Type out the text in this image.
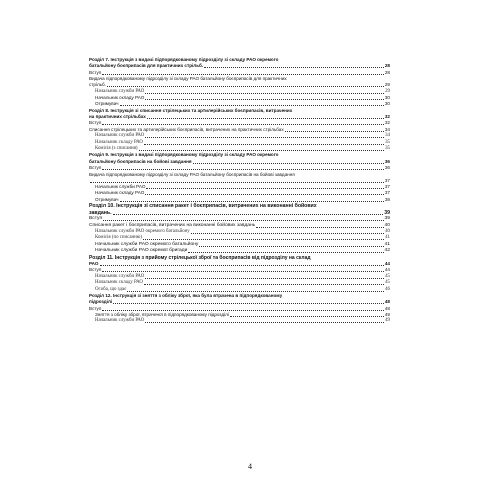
Розділ 7. Інструкція з видачі підпорядкованому підрозділу зі складу РАО окремого
батальйону боєприпасів для практичних стрільб.	28
Вступ	28
Видача підпорядкованому підрозділу зі складу РАО батальйону боєприпасів для практичних
стрільб.	29
Начальник служби РАО	29
Начальник складу РАО	30
Отримувач	30
Розділ 8. Інструкція зі списання стрілецьких та артилерійських боєприпасів, витрачених
на практичних стрільбах	32
Вступ	32
Списання стрілецьких та артилерійських боєприпасів, витрачених на практичних стрільбах	34
Начальник служби РАО	34
Начальник складу РАО	35
Комісія (з списання)	35
Розділ 9. Інструкція з видачі підпорядкованому підрозділу зі складу РАО окремого
батальйону боєприпасів на бойові завдання	36
Вступ	36
Видача підпорядкованому підрозділу зі складу РАО батальйону боєприпасів на бойові завдання
37
Начальник служби РАО	37
Начальник складу РАО	37
Отримувач	38
Розділ 10. Інструкція зі списання ракет і боєприпасів, витрачених на виконанні бойових
завдань.	39
Вступ	39
Списання ракет і боєприпасів, витрачених на виконанні бойових завдань	40
Начальник служби РАО окремого батальйону	40
Комісія (по списанню)	41
Начальник служби РАО окремого батальйону	41
Начальник служби РАО окремої бригади	42
Розділ 11. Інструкція з прийому стрілецької зброї та боєприпасів від підрозділу на склад
РАО	44
Вступ	44
Начальник служби РАО	45
Начальник складу РАО	45
Особа, що здає	46
Розділ 12. Інструкція зі зняття з обліку зброї, яка була втрачена в підпорядкованому
підрозділі	48
Вступ	48
Зняття з обліку зброї, втраченої в підпорядкованому підрозділі	49
Начальник служби РАО	49
4
